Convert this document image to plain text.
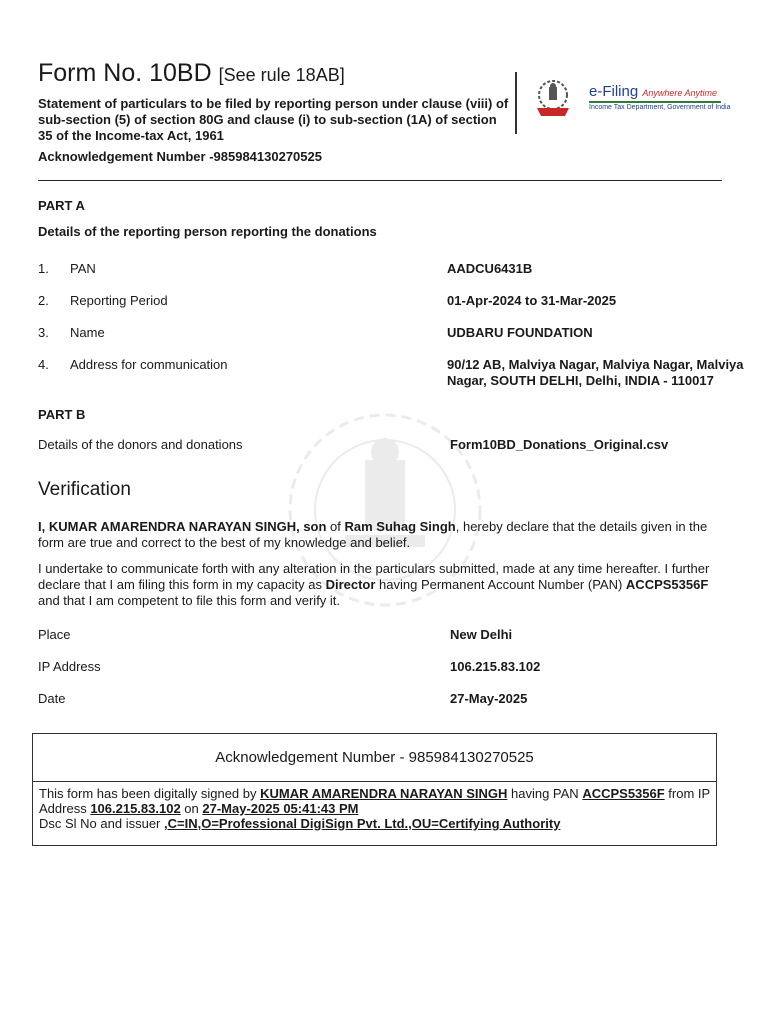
Form No. 10BD [See rule 18AB]
Statement of particulars to be filed by reporting person under clause (viii) of sub-section (5) of section 80G and clause (i) to sub-section (1A) of section 35 of the Income-tax Act, 1961
Acknowledgement Number -985984130270525
e-Filing Anywhere Anytime
Income Tax Department, Government of India
PART A
Details of the reporting person reporting the donations
1. PAN	AADCU6431B
2. Reporting Period	01-Apr-2024 to 31-Mar-2025
3. Name	UDBARU FOUNDATION
4. Address for communication	90/12 AB, Malviya Nagar, Malviya Nagar, Malviya Nagar, SOUTH DELHI, Delhi, INDIA - 110017
PART B
Details of the donors and donations	Form10BD_Donations_Original.csv
Verification
I, KUMAR AMARENDRA NARAYAN SINGH, son of Ram Suhag Singh, hereby declare that the details given in the form are true and correct to the best of my knowledge and belief.
I undertake to communicate forth with any alteration in the particulars submitted, made at any time hereafter. I further declare that I am filing this form in my capacity as Director having Permanent Account Number (PAN) ACCPS5356F and that I am competent to file this form and verify it.
Place	New Delhi
IP Address	106.215.83.102
Date	27-May-2025
Acknowledgement Number - 985984130270525
This form has been digitally signed by KUMAR AMARENDRA NARAYAN SINGH having PAN ACCPS5356F from IP Address 106.215.83.102 on 27-May-2025 05:41:43 PM
Dsc Sl No and issuer ,C=IN,O=Professional DigiSign Pvt. Ltd.,OU=Certifying Authority
